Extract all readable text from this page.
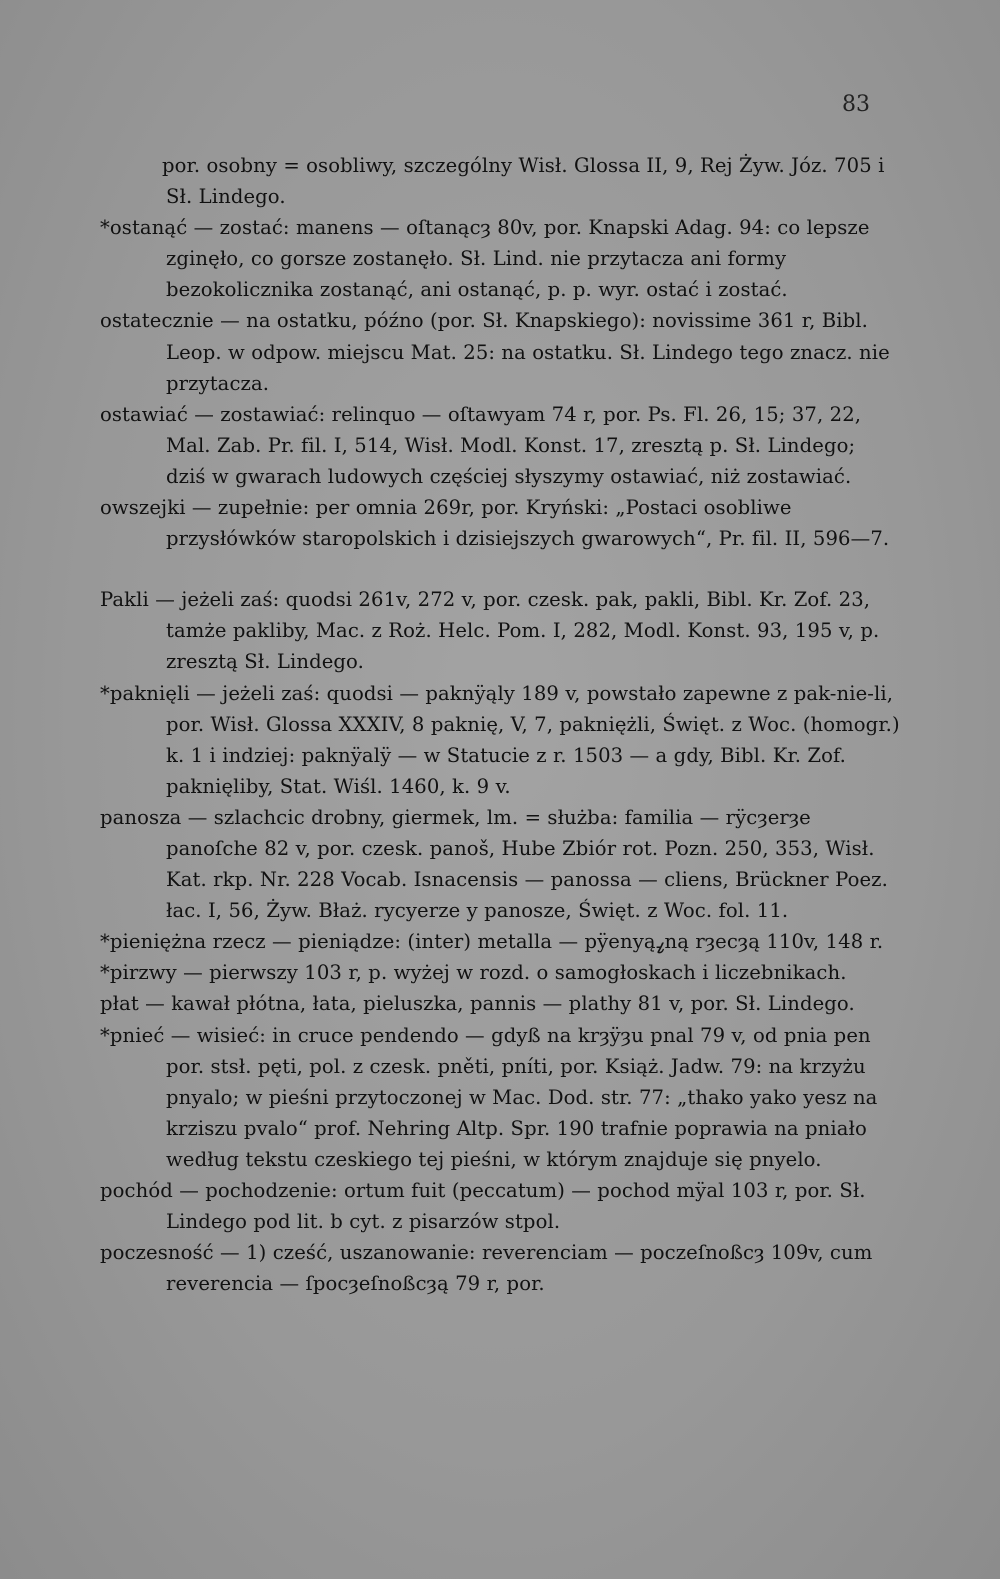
83

por. osobny = osobliwy, szczególny Wisł. Glossa II, 9, Rej Żyw. Józ. 705 i Sł. Lindego.

*ostanąć — zostać: manens — oſtanącȝ 80v, por. Knapski Adag. 94: co lepsze zginęło, co gorsze zostanęło. Sł. Lind. nie przytacza ani formy bezokolicznika zostanąć, ani ostanąć, p. p. wyr. ostać i zostać.

ostatecznie — na ostatku, późno (por. Sł. Knapskiego): novissime 361 r, Bibl. Leop. w odpow. miejscu Mat. 25: na ostatku. Sł. Lindego tego znacz. nie przytacza.

ostawiać — zostawiać: relinquo — oſtawyam 74 r, por. Ps. Fl. 26, 15; 37, 22, Mal. Zab. Pr. fil. I, 514, Wisł. Modl. Konst. 17, zresztą p. Sł. Lindego; dziś w gwarach ludowych częściej słyszymy ostawiać, niż zostawiać.

owszejki — zupełnie: per omnia 269r, por. Kryński: „Postaci osobliwe przysłówków staropolskich i dzisiejszych gwarowych“, Pr. fil. II, 596—7.

Pakli — jeżeli zaś: quodsi 261v, 272 v, por. czesk. pak, pakli, Bibl. Kr. Zof. 23, tamże pakliby, Mac. z Roż. Helc. Pom. I, 282, Modl. Konst. 93, 195 v, p. zresztą Sł. Lindego.

*paknięli — jeżeli zaś: quodsi — paknÿąly 189 v, powstało zapewne z pak-nie-li, por. Wisł. Glossa XXXIV, 8 paknię, V, 7, pakniężli, Święt. z Woc. (homogr.) k. 1 i indziej: paknÿalÿ — w Statucie z r. 1503 — a gdy, Bibl. Kr. Zof. paknięliby, Stat. Wiśl. 1460, k. 9 v.

panosza — szlachcic drobny, giermek, lm. = służba: familia — rÿcȝerȝe panoſche 82 v, por. czesk. panoš, Hube Zbiór rot. Pozn. 250, 353, Wisł. Kat. rkp. Nr. 228 Vocab. Isnacensis — panossa — cliens, Brückner Poez. łac. I, 56, Żyw. Błaż. rycyerze y panosze, Święt. z Woc. fol. 11.

*pieniężna rzecz — pieniądze: (inter) metalla — pÿenyąߨną rȝecȝą 110v, 148 r.

*pirzwy — pierwszy 103 r, p. wyżej w rozd. o samogłoskach i liczebnikach.

płat — kawał płótna, łata, pieluszka, pannis — plathy 81 v, por. Sł. Lindego.

*pnieć — wisieć: in cruce pendendo — gdyß na krȝÿȝu pnal 79 v, od pnia pen por. stsł. pęti, pol. z czesk. pněti, pníti, por. Książ. Jadw. 79: na krzyżu pnyalo; w pieśni przytoczonej w Mac. Dod. str. 77: „thako yako yesz na krziszu pvalo“ prof. Nehring Altp. Spr. 190 trafnie poprawia na pniało według tekstu czeskiego tej pieśni, w którym znajduje się pnyelo.

pochód — pochodzenie: ortum fuit (peccatum) — pochod mÿal 103 r, por. Sł. Lindego pod lit. b cyt. z pisarzów stpol.

poczesność — 1) cześć, uszanowanie: reverenciam — poczeſnoßcȝ 109v, cum reverencia — ſpocȝeſnoßcȝą 79 r, por.
